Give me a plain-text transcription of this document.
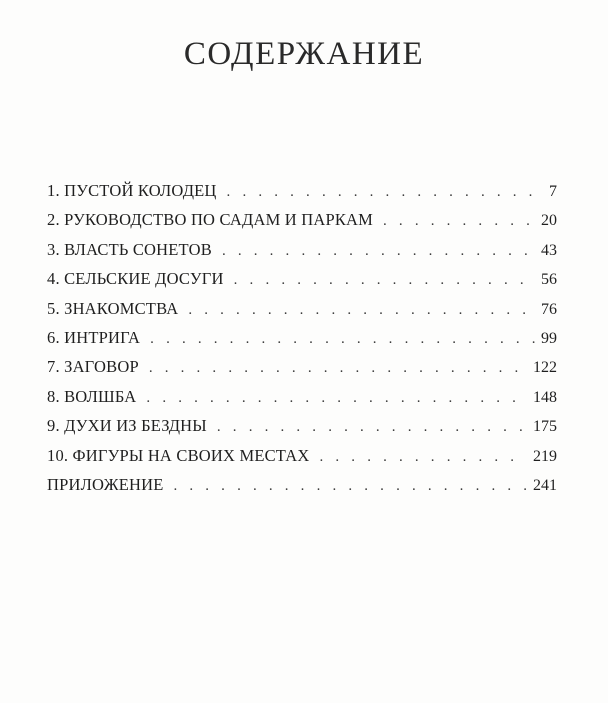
СОДЕРЖАНИЕ
1. ПУСТОЙ КОЛОДЕЦ . . .	7
2. РУКОВОДСТВО ПО САДАМ И ПАРКАМ . . .	20
3. ВЛАСТЬ СОНЕТОВ . . .	43
4. СЕЛЬСКИЕ ДОСУГИ . . .	56
5. ЗНАКОМСТВА . . .	76
6. ИНТРИГА . . .	99
7. ЗАГОВОР . . .	122
8. ВОЛШБА . . .	148
9. ДУХИ ИЗ БЕЗДНЫ . . .	175
10. ФИГУРЫ НА СВОИХ МЕСТАХ . . .	219
ПРИЛОЖЕНИЕ . . .	241
